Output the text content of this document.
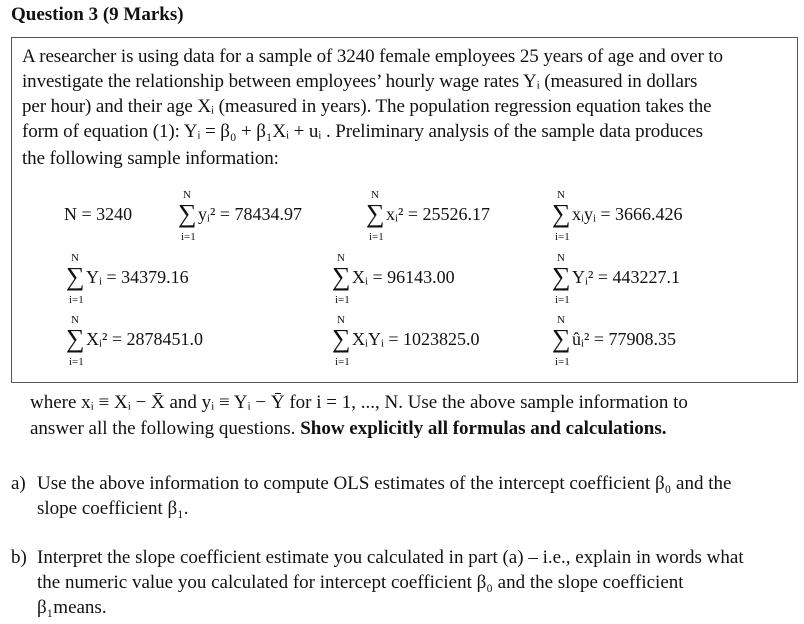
Question 3 (9 Marks)
A researcher is using data for a sample of 3240 female employees 25 years of age and over to
investigate the relationship between employees’ hourly wage rates Yᵢ (measured in dollars
per hour) and their age Xᵢ (measured in years). The population regression equation takes the
form of equation (1): Yᵢ = β₀ + β₁Xᵢ + uᵢ . Preliminary analysis of the sample data produces
the following sample information:
N = 3240
N
∑
i=1
yᵢ² = 78434.97
N
∑
i=1
xᵢ² = 25526.17
N
∑
i=1
xᵢyᵢ = 3666.426
N
∑
i=1
Yᵢ = 34379.16
N
∑
i=1
Xᵢ = 96143.00
N
∑
i=1
Yᵢ² = 443227.1
N
∑
i=1
Xᵢ² = 2878451.0
N
∑
i=1
XᵢYᵢ = 1023825.0
N
∑
i=1
ûᵢ² = 77908.35
where xᵢ ≡ Xᵢ − X̄ and yᵢ ≡ Yᵢ − Ȳ for i = 1, ..., N. Use the above sample information to
answer all the following questions. Show explicitly all formulas and calculations.
a) Use the above information to compute OLS estimates of the intercept coefficient β₀ and the
slope coefficient β₁.
b) Interpret the slope coefficient estimate you calculated in part (a) – i.e., explain in words what
the numeric value you calculated for intercept coefficient β₀ and the slope coefficient
β₁means.
